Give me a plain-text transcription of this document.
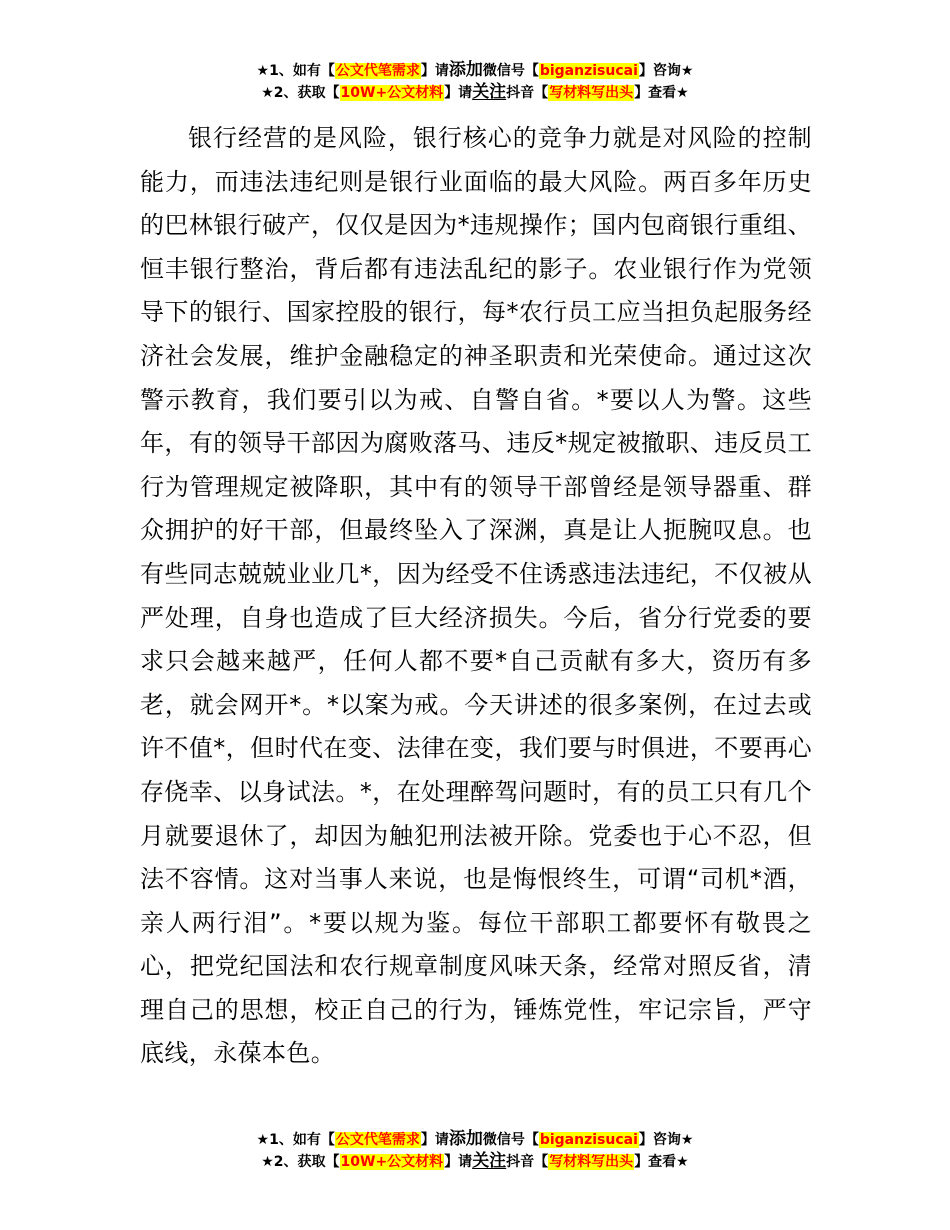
★1、如有【公文代笔需求】请添加微信号【biganzisucai】咨询★
★2、获取【10W+公文材料】请关注抖音【写材料写出头】查看★

银行经营的是风险，银行核心的竞争力就是对风险的控制能力，而违法违纪则是银行业面临的最大风险。两百多年历史的巴林银行破产，仅仅是因为*违规操作；国内包商银行重组、恒丰银行整治，背后都有违法乱纪的影子。农业银行作为党领导下的银行、国家控股的银行，每*农行员工应当担负起服务经济社会发展，维护金融稳定的神圣职责和光荣使命。通过这次警示教育，我们要引以为戒、自警自省。*要以人为警。这些年，有的领导干部因为腐败落马、违反*规定被撤职、违反员工行为管理规定被降职，其中有的领导干部曾经是领导器重、群众拥护的好干部，但最终坠入了深渊，真是让人扼腕叹息。也有些同志兢兢业业几*，因为经受不住诱惑违法违纪，不仅被从严处理，自身也造成了巨大经济损失。今后，省分行党委的要求只会越来越严，任何人都不要*自己贡献有多大，资历有多老，就会网开*。*以案为戒。今天讲述的很多案例，在过去或许不值*，但时代在变、法律在变，我们要与时俱进，不要再心存侥幸、以身试法。*，在处理醉驾问题时，有的员工只有几个月就要退休了，却因为触犯刑法被开除。党委也于心不忍，但法不容情。这对当事人来说，也是悔恨终生，可谓“司机*酒，亲人两行泪”。*要以规为鉴。每位干部职工都要怀有敬畏之心，把党纪国法和农行规章制度风味天条，经常对照反省，清理自己的思想，校正自己的行为，锤炼党性，牢记宗旨，严守底线，永葆本色。

★1、如有【公文代笔需求】请添加微信号【biganzisucai】咨询★
★2、获取【10W+公文材料】请关注抖音【写材料写出头】查看★
